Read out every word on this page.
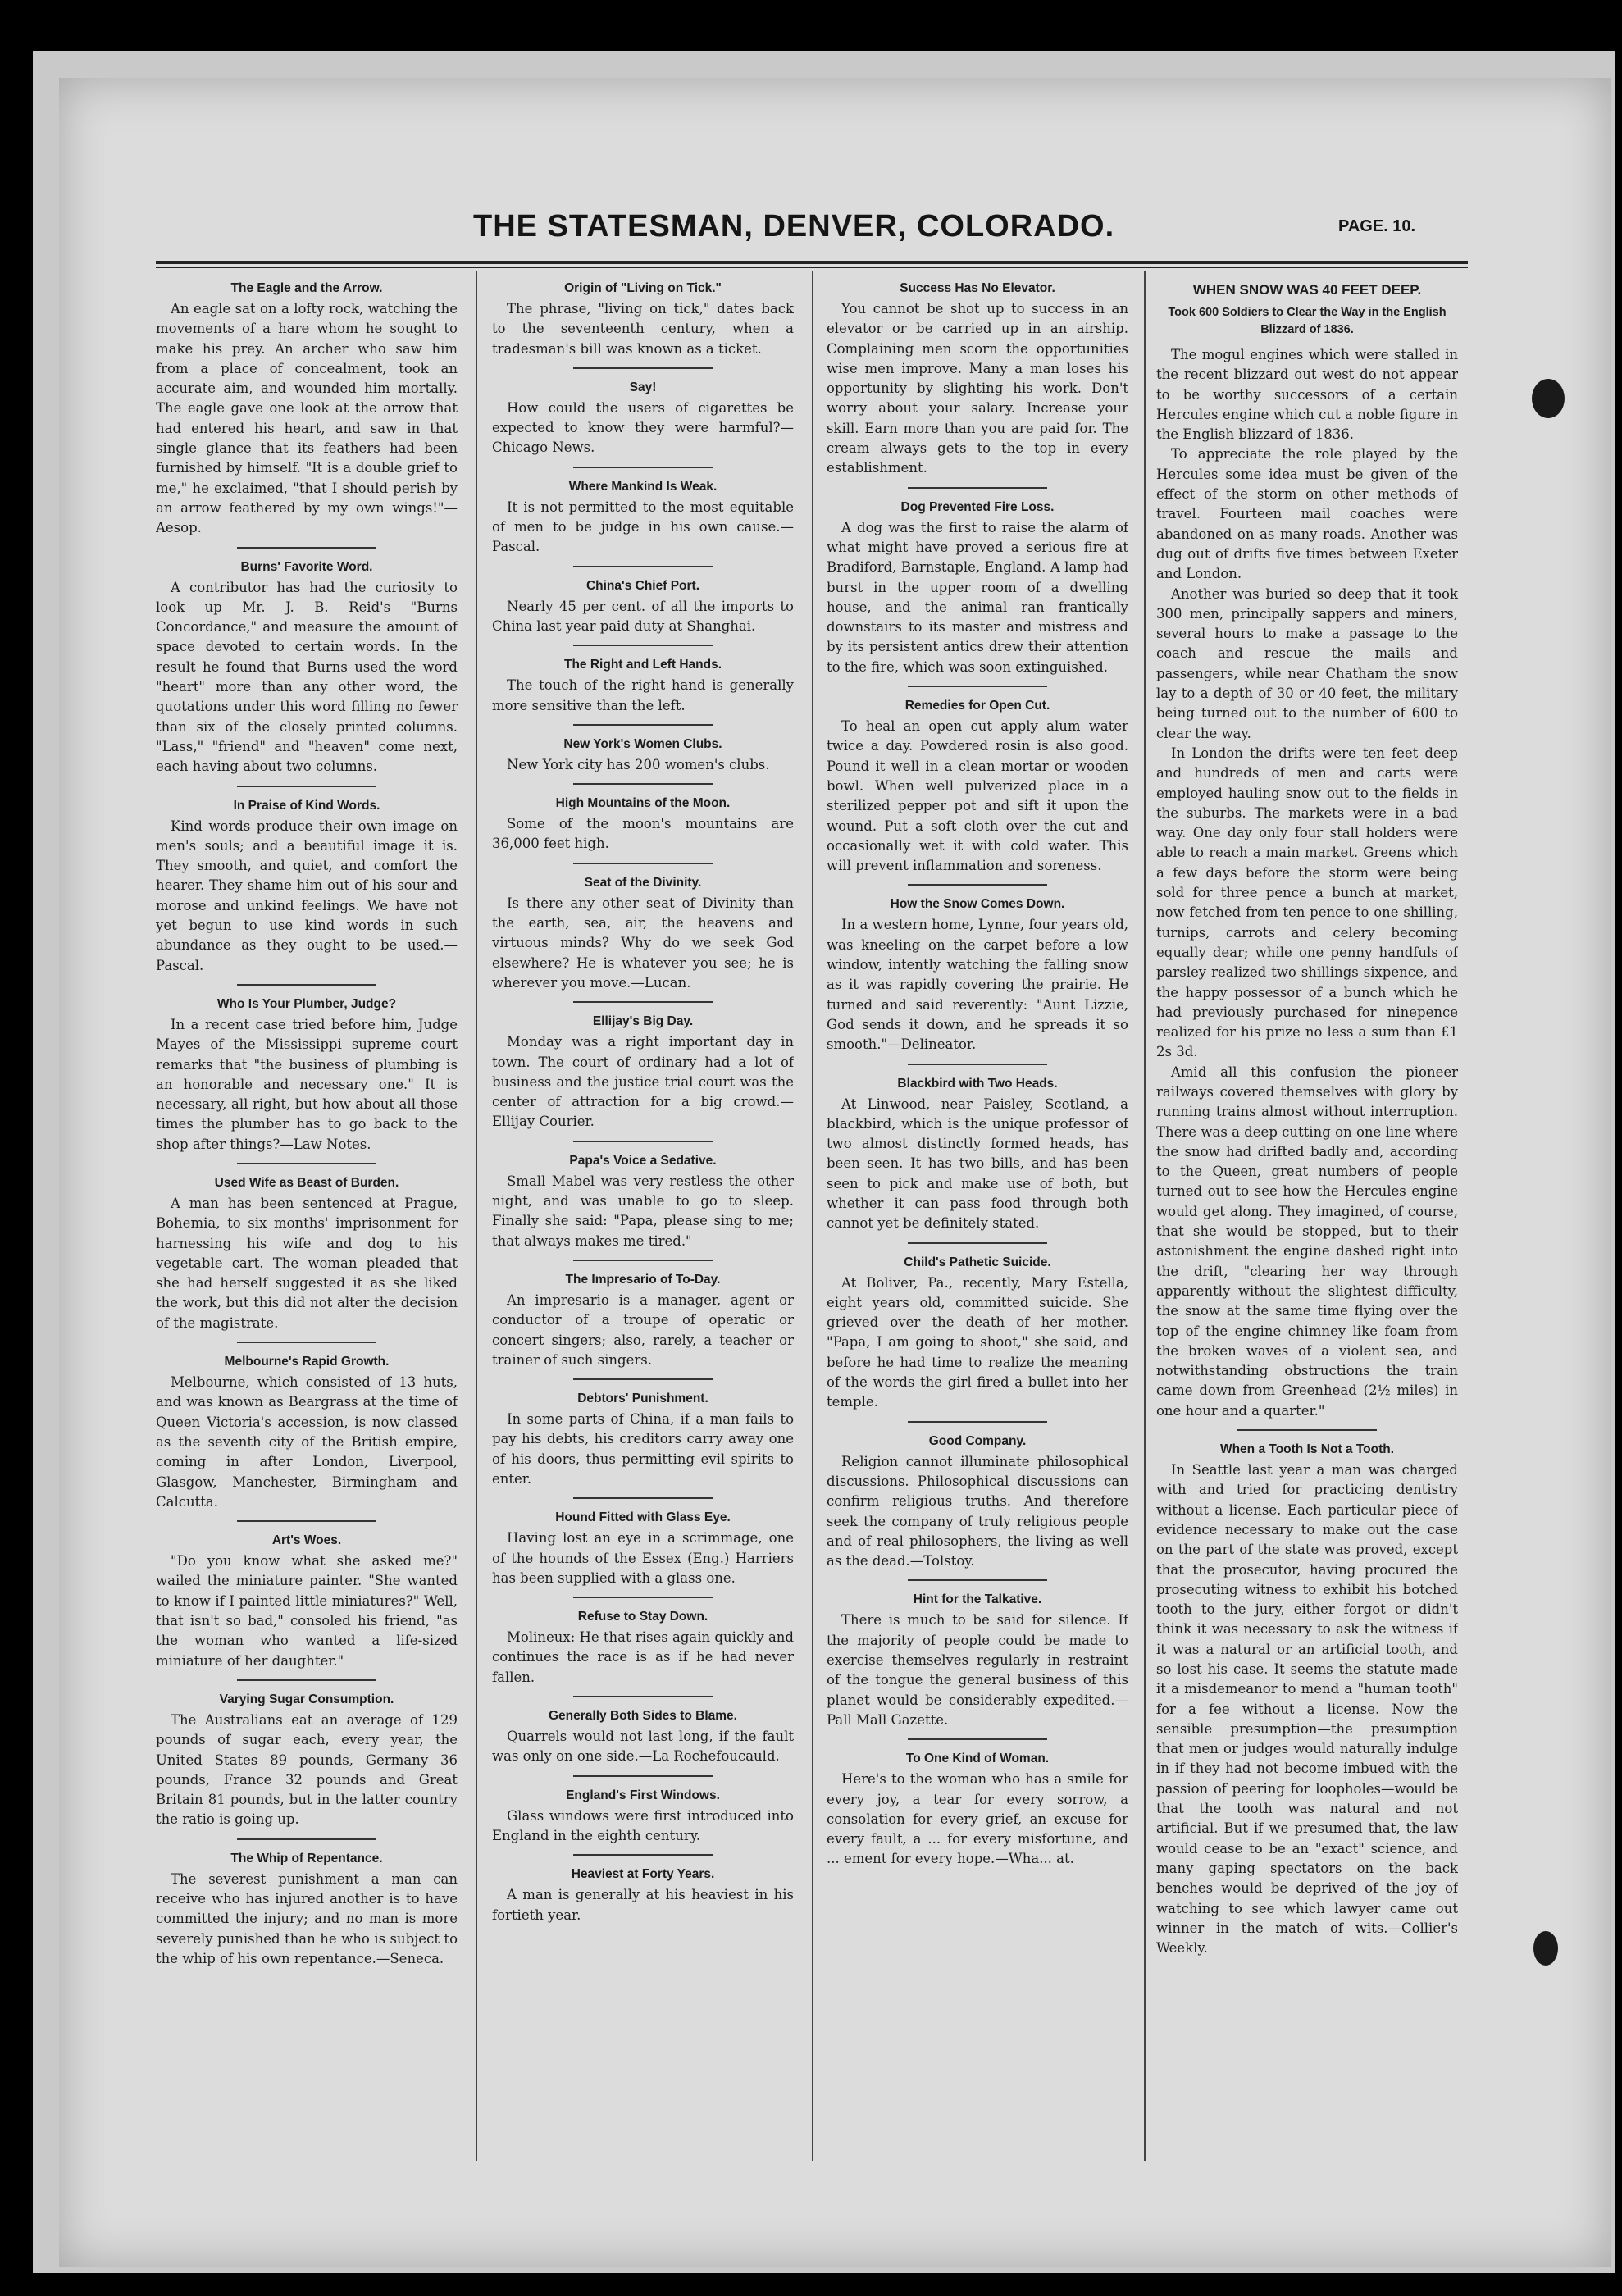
THE STATESMAN, DENVER, COLORADO.	PAGE. 10.
The Eagle and the Arrow.

An eagle sat on a lofty rock, watching the movements of a hare whom he sought to make his prey. An archer who saw him from a place of concealment, took an accurate aim, and wounded him mortally. The eagle gave one look at the arrow that had entered his heart, and saw in that single glance that its feathers had been furnished by himself. "It is a double grief to me," he exclaimed, "that I should perish by an arrow feathered by my own wings!"—Aesop.

Burns' Favorite Word.

A contributor has had the curiosity to look up Mr. J. B. Reid's "Burns Concordance," and measure the amount of space devoted to certain words. In the result he found that Burns used the word "heart" more than any other word, the quotations under this word filling no fewer than six of the closely printed columns. "Lass," "friend" and "heaven" come next, each having about two columns.

In Praise of Kind Words.

Kind words produce their own image on men's souls; and a beautiful image it is. They smooth, and quiet, and comfort the hearer. They shame him out of his sour and morose and unkind feelings. We have not yet begun to use kind words in such abundance as they ought to be used.—Pascal.

Who Is Your Plumber, Judge?

In a recent case tried before him, Judge Mayes of the Mississippi supreme court remarks that "the business of plumbing is an honorable and necessary one." It is necessary, all right, but how about all those times the plumber has to go back to the shop after things?—Law Notes.

Used Wife as Beast of Burden.

A man has been sentenced at Prague, Bohemia, to six months' imprisonment for harnessing his wife and dog to his vegetable cart. The woman pleaded that she had herself suggested it as she liked the work, but this did not alter the decision of the magistrate.

Melbourne's Rapid Growth.

Melbourne, which consisted of 13 huts, and was known as Beargrass at the time of Queen Victoria's accession, is now classed as the seventh city of the British empire, coming in after London, Liverpool, Glasgow, Manchester, Birmingham and Calcutta.

Art's Woes.

"Do you know what she asked me?" wailed the miniature painter. "She wanted to know if I painted little miniatures?" Well, that isn't so bad," consoled his friend, "as the woman who wanted a life-sized miniature of her daughter."

Varying Sugar Consumption.

The Australians eat an average of 129 pounds of sugar each, every year, the United States 89 pounds, Germany 36 pounds, France 32 pounds and Great Britain 81 pounds, but in the latter country the ratio is going up.

The Whip of Repentance.

The severest punishment a man can receive who has injured another is to have committed the injury; and no man is more severely punished than he who is subject to the whip of his own repentance.—Seneca.

Origin of "Living on Tick."

The phrase, "living on tick," dates back to the seventeenth century, when a tradesman's bill was known as a ticket.

Say!

How could the users of cigarettes be expected to know they were harmful?—Chicago News.

Where Mankind Is Weak.

It is not permitted to the most equitable of men to be judge in his own cause.—Pascal.

China's Chief Port.

Nearly 45 per cent. of all the imports to China last year paid duty at Shanghai.

The Right and Left Hands.

The touch of the right hand is generally more sensitive than the left.

New York's Women Clubs.

New York city has 200 women's clubs.

High Mountains of the Moon.

Some of the moon's mountains are 36,000 feet high.

Seat of the Divinity.

Is there any other seat of Divinity than the earth, sea, air, the heavens and virtuous minds? Why do we seek God elsewhere? He is whatever you see; he is wherever you move.—Lucan.

Ellijay's Big Day.

Monday was a right important day in town. The court of ordinary had a lot of business and the justice trial court was the center of attraction for a big crowd.—Ellijay Courier.

Papa's Voice a Sedative.

Small Mabel was very restless the other night, and was unable to go to sleep. Finally she said: "Papa, please sing to me; that always makes me tired."

The Impresario of To-Day.

An impresario is a manager, agent or conductor of a troupe of operatic or concert singers; also, rarely, a teacher or trainer of such singers.

Debtors' Punishment.

In some parts of China, if a man fails to pay his debts, his creditors carry away one of his doors, thus permitting evil spirits to enter.

Hound Fitted with Glass Eye.

Having lost an eye in a scrimmage, one of the hounds of the Essex (Eng.) Harriers has been supplied with a glass one.

Refuse to Stay Down.

Molineux: He that rises again quickly and continues the race is as if he had never fallen.

Generally Both Sides to Blame.

Quarrels would not last long, if the fault was only on one side.—La Rochefoucauld.

England's First Windows.

Glass windows were first introduced into England in the eighth century.

Heaviest at Forty Years.

A man is generally at his heaviest in his fortieth year.

Success Has No Elevator.

You cannot be shot up to success in an elevator or be carried up in an airship. Complaining men scorn the opportunities wise men improve. Many a man loses his opportunity by slighting his work. Don't worry about your salary. Increase your skill. Earn more than you are paid for. The cream always gets to the top in every establishment.

Dog Prevented Fire Loss.

A dog was the first to raise the alarm of what might have proved a serious fire at Bradiford, Barnstaple, England. A lamp had burst in the upper room of a dwelling house, and the animal ran frantically downstairs to its master and mistress and by its persistent antics drew their attention to the fire, which was soon extinguished.

Remedies for Open Cut.

To heal an open cut apply alum water twice a day. Powdered rosin is also good. Pound it well in a clean mortar or wooden bowl. When well pulverized place in a sterilized pepper pot and sift it upon the wound. Put a soft cloth over the cut and occasionally wet it with cold water. This will prevent inflammation and soreness.

How the Snow Comes Down.

In a western home, Lynne, four years old, was kneeling on the carpet before a low window, intently watching the falling snow as it was rapidly covering the prairie. He turned and said reverently: "Aunt Lizzie, God sends it down, and he spreads it so smooth."—Delineator.

Blackbird with Two Heads.

At Linwood, near Paisley, Scotland, a blackbird, which is the unique professor of two almost distinctly formed heads, has been seen. It has two bills, and has been seen to pick and make use of both, but whether it can pass food through both cannot yet be definitely stated.

Child's Pathetic Suicide.

At Boliver, Pa., recently, Mary Estella, eight years old, committed suicide. She grieved over the death of her mother. "Papa, I am going to shoot," she said, and before he had time to realize the meaning of the words the girl fired a bullet into her temple.

Good Company.

Religion cannot illuminate philosophical discussions. Philosophical discussions can confirm religious truths. And therefore seek the company of truly religious people and of real philosophers, the living as well as the dead.—Tolstoy.

Hint for the Talkative.

There is much to be said for silence. If the majority of people could be made to exercise themselves regularly in restraint of the tongue the general business of this planet would be considerably expedited.—Pall Mall Gazette.

To One Kind of Woman.

Here's to the woman who has a smile for every joy, a tear for every sorrow, a consolation for every grief, an excuse for every fault, a ... for every misfortune, and ... ement for every hope.—Wha... at.

WHEN SNOW WAS 40 FEET DEEP.
Took 600 Soldiers to Clear the Way in the English Blizzard of 1836.

The mogul engines which were stalled in the recent blizzard out west do not appear to be worthy successors of a certain Hercules engine which cut a noble figure in the English blizzard of 1836.

To appreciate the role played by the Hercules some idea must be given of the effect of the storm on other methods of travel. Fourteen mail coaches were abandoned on as many roads. Another was dug out of drifts five times between Exeter and London.

Another was buried so deep that it took 300 men, principally sappers and miners, several hours to make a passage to the coach and rescue the mails and passengers, while near Chatham the snow lay to a depth of 30 or 40 feet, the military being turned out to the number of 600 to clear the way.

In London the drifts were ten feet deep and hundreds of men and carts were employed hauling snow out to the fields in the suburbs. The markets were in a bad way. One day only four stall holders were able to reach a main market. Greens which a few days before the storm were being sold for three pence a bunch at market, now fetched from ten pence to one shilling, turnips, carrots and celery becoming equally dear; while one penny handfuls of parsley realized two shillings sixpence, and the happy possessor of a bunch which he had previously purchased for ninepence realized for his prize no less a sum than £1 2s 3d.

Amid all this confusion the pioneer railways covered themselves with glory by running trains almost without interruption. There was a deep cutting on one line where the snow had drifted badly and, according to the Queen, great numbers of people turned out to see how the Hercules engine would get along. They imagined, of course, that she would be stopped, but to their astonishment the engine dashed right into the drift, "clearing her way through apparently without the slightest difficulty, the snow at the same time flying over the top of the engine chimney like foam from the broken waves of a violent sea, and notwithstanding obstructions the train came down from Greenhead (2½ miles) in one hour and a quarter."

When a Tooth Is Not a Tooth.

In Seattle last year a man was charged with and tried for practicing dentistry without a license. Each particular piece of evidence necessary to make out the case on the part of the state was proved, except that the prosecutor, having procured the prosecuting witness to exhibit his botched tooth to the jury, either forgot or didn't think it was necessary to ask the witness if it was a natural or an artificial tooth, and so lost his case. It seems the statute made it a misdemeanor to mend a "human tooth" for a fee without a license. Now the sensible presumption—the presumption that men or judges would naturally indulge in if they had not become imbued with the passion of peering for loopholes—would be that the tooth was natural and not artificial. But if we presumed that, the law would cease to be an "exact" science, and many gaping spectators on the back benches would be deprived of the joy of watching to see which lawyer came out winner in the match of wits.—Collier's Weekly.
